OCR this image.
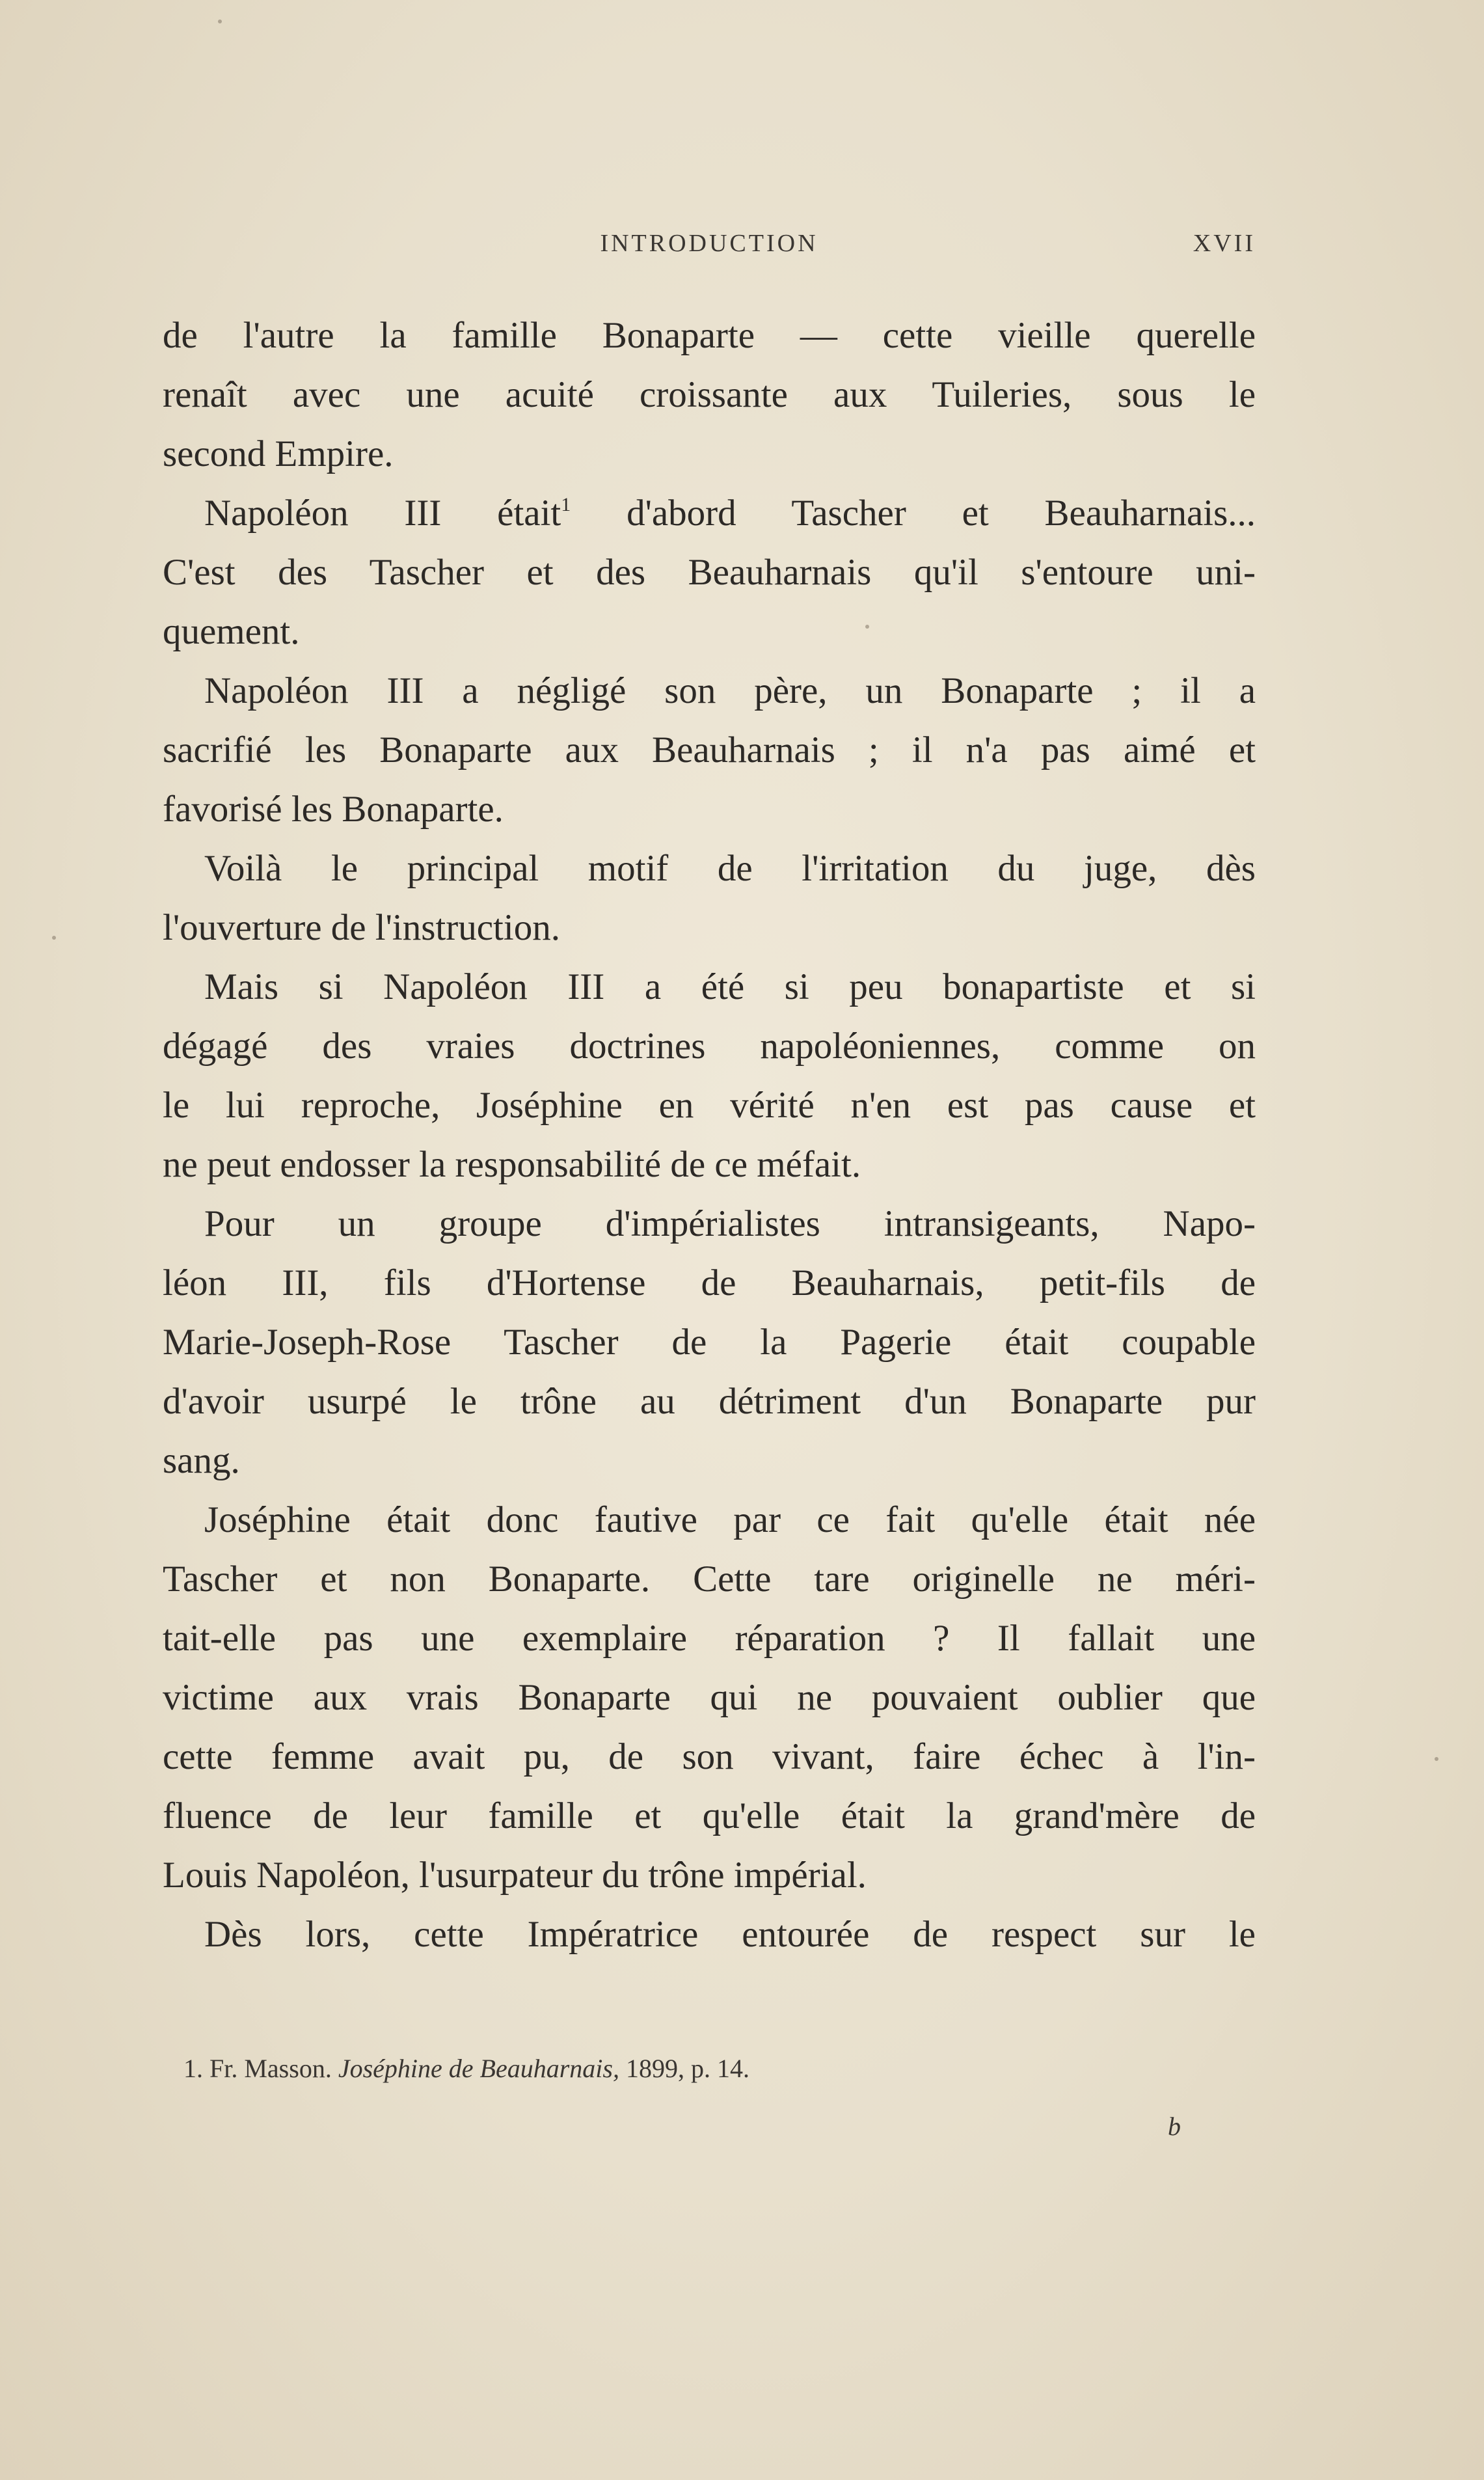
INTRODUCTION	XVII
de l'autre la famille Bonaparte — cette vieille querelle
renaît avec une acuité croissante aux Tuileries, sous le
second Empire.
Napoléon III était$^1$ d'abord Tascher et Beauharnais...
C'est des Tascher et des Beauharnais qu'il s'entoure uni-
quement.
Napoléon III a négligé son père, un Bonaparte ; il a
sacrifié les Bonaparte aux Beauharnais ; il n'a pas aimé et
favorisé les Bonaparte.
Voilà le principal motif de l'irritation du juge, dès
l'ouverture de l'instruction.
Mais si Napoléon III a été si peu bonapartiste et si
dégagé des vraies doctrines napoléoniennes, comme on
le lui reproche, Joséphine en vérité n'en est pas cause et
ne peut endosser la responsabilité de ce méfait.
Pour un groupe d'impérialistes intransigeants, Napo-
léon III, fils d'Hortense de Beauharnais, petit-fils de
Marie-Joseph-Rose Tascher de la Pagerie était coupable
d'avoir usurpé le trône au détriment d'un Bonaparte pur
sang.
Joséphine était donc fautive par ce fait qu'elle était née
Tascher et non Bonaparte. Cette tare originelle ne méri-
tait-elle pas une exemplaire réparation ? Il fallait une
victime aux vrais Bonaparte qui ne pouvaient oublier que
cette femme avait pu, de son vivant, faire échec à l'in-
fluence de leur famille et qu'elle était la grand'mère de
Louis Napoléon, l'usurpateur du trône impérial.
Dès lors, cette Impératrice entourée de respect sur le
1. Fr. Masson. Joséphine de Beauharnais, 1899, p. 14.
b
